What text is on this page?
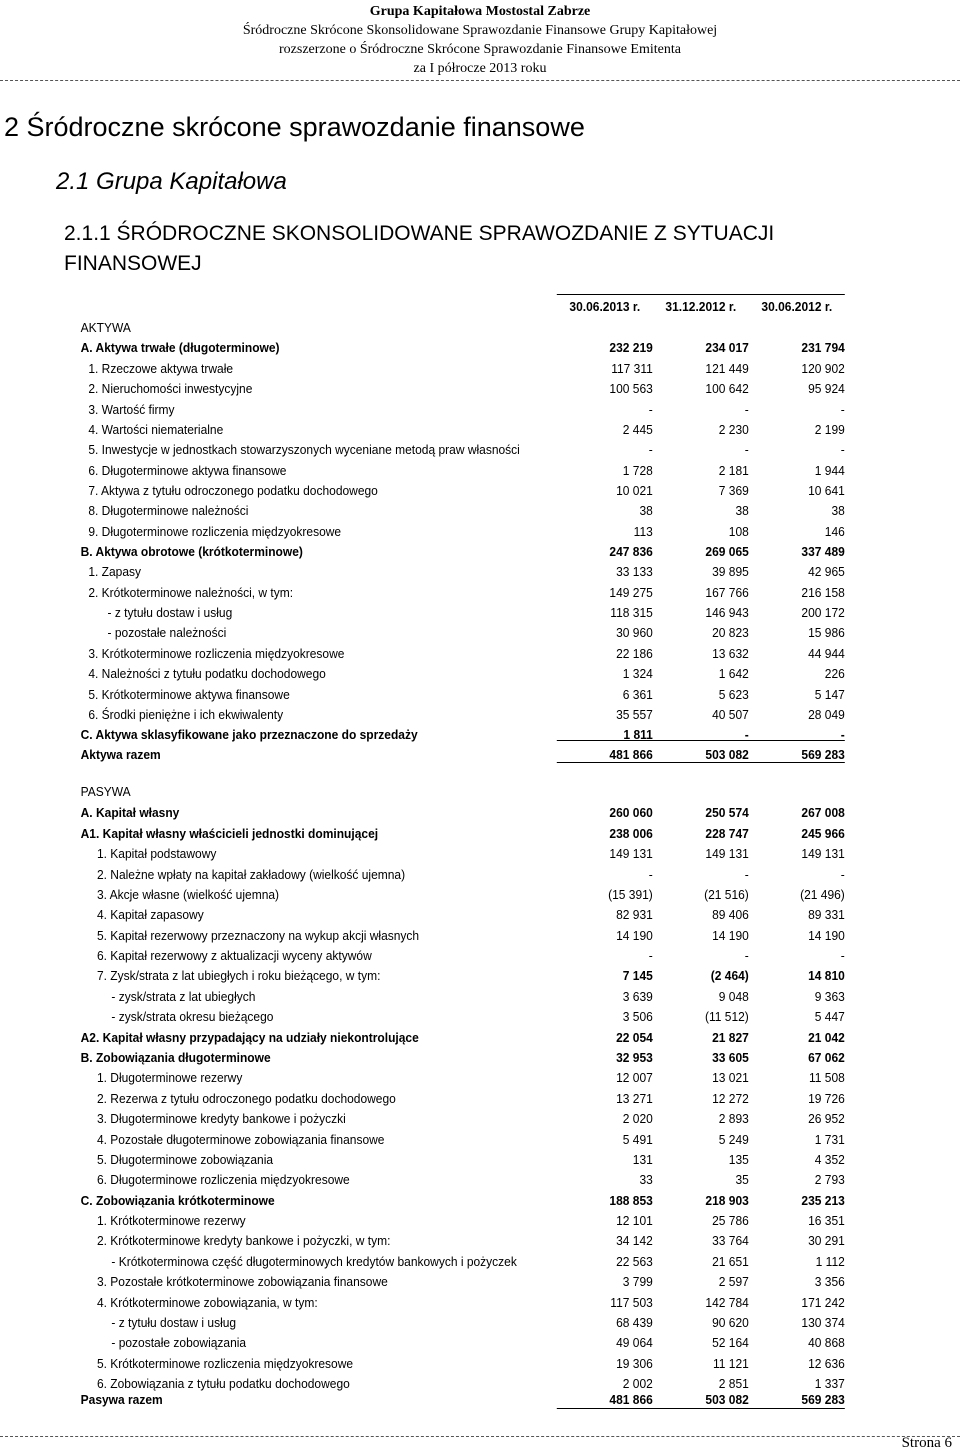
Grupa Kapitałowa Mostostal Zabrze
Śródroczne Skrócone Skonsolidowane Sprawozdanie Finansowe Grupy Kapitałowej
rozszerzone o Śródroczne Skrócone Sprawozdanie Finansowe Emitenta
za I półrocze 2013 roku
2 Śródroczne skrócone sprawozdanie finansowe
2.1 Grupa Kapitałowa
2.1.1 ŚRÓDROCZNE SKONSOLIDOWANE SPRAWOZDANIE Z SYTUACJI FINANSOWEJ
30.06.2013 r.	31.12.2012 r.	30.06.2012 r.
AKTYWA
A. Aktywa trwałe (długoterminowe)	232 219	234 017	231 794
1. Rzeczowe aktywa trwałe	117 311	121 449	120 902
2. Nieruchomości inwestycyjne	100 563	100 642	95 924
3. Wartość firmy	-	-	-
4. Wartości niematerialne	2 445	2 230	2 199
5. Inwestycje w jednostkach stowarzyszonych wyceniane metodą praw własności	-	-	-
6. Długoterminowe aktywa finansowe	1 728	2 181	1 944
7. Aktywa z tytułu odroczonego podatku dochodowego	10 021	7 369	10 641
8. Długoterminowe należności	38	38	38
9. Długoterminowe rozliczenia międzyokresowe	113	108	146
B. Aktywa obrotowe (krótkoterminowe)	247 836	269 065	337 489
1. Zapasy	33 133	39 895	42 965
2. Krótkoterminowe należności, w tym:	149 275	167 766	216 158
- z tytułu dostaw i usług	118 315	146 943	200 172
- pozostałe należności	30 960	20 823	15 986
3. Krótkoterminowe rozliczenia międzyokresowe	22 186	13 632	44 944
4. Należności z tytułu podatku dochodowego	1 324	1 642	226
5. Krótkoterminowe aktywa finansowe	6 361	5 623	5 147
6. Środki pieniężne i ich ekwiwalenty	35 557	40 507	28 049
C. Aktywa sklasyfikowane jako przeznaczone do sprzedaży	1 811	-	-
Aktywa razem	481 866	503 082	569 283
PASYWA
A. Kapitał własny	260 060	250 574	267 008
A1. Kapitał własny właścicieli jednostki dominującej	238 006	228 747	245 966
1. Kapitał podstawowy	149 131	149 131	149 131
2. Należne wpłaty na kapitał zakładowy (wielkość ujemna)	-	-	-
3. Akcje własne (wielkość ujemna)	(15 391)	(21 516)	(21 496)
4. Kapitał zapasowy	82 931	89 406	89 331
5. Kapitał rezerwowy przeznaczony na wykup akcji własnych	14 190	14 190	14 190
6. Kapitał rezerwowy z aktualizacji wyceny aktywów	-	-	-
7. Zysk/strata z lat ubiegłych i roku bieżącego, w tym:	7 145	(2 464)	14 810
- zysk/strata z lat ubiegłych	3 639	9 048	9 363
- zysk/strata okresu bieżącego	3 506	(11 512)	5 447
A2. Kapitał własny przypadający na udziały niekontrolujące	22 054	21 827	21 042
B. Zobowiązania długoterminowe	32 953	33 605	67 062
1. Długoterminowe rezerwy	12 007	13 021	11 508
2. Rezerwa z tytułu odroczonego podatku dochodowego	13 271	12 272	19 726
3. Długoterminowe kredyty bankowe i pożyczki	2 020	2 893	26 952
4. Pozostałe długoterminowe zobowiązania finansowe	5 491	5 249	1 731
5. Długoterminowe zobowiązania	131	135	4 352
6. Długoterminowe rozliczenia międzyokresowe	33	35	2 793
C. Zobowiązania krótkoterminowe	188 853	218 903	235 213
1. Krótkoterminowe rezerwy	12 101	25 786	16 351
2. Krótkoterminowe kredyty bankowe i pożyczki, w tym:	34 142	33 764	30 291
- Krótkoterminowa część długoterminowych kredytów bankowych i pożyczek	22 563	21 651	1 112
3. Pozostałe krótkoterminowe zobowiązania finansowe	3 799	2 597	3 356
4. Krótkoterminowe zobowiązania, w tym:	117 503	142 784	171 242
- z tytułu dostaw i usług	68 439	90 620	130 374
- pozostałe zobowiązania	49 064	52 164	40 868
5. Krótkoterminowe rozliczenia międzyokresowe	19 306	11 121	12 636
6. Zobowiązania z tytułu podatku dochodowego	2 002	2 851	1 337
Pasywa razem	481 866	503 082	569 283
Strona 6
